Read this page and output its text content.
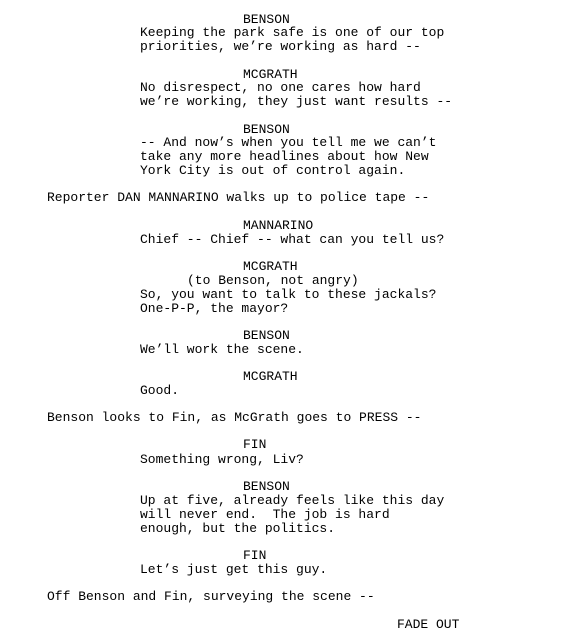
BENSON
Keeping the park safe is one of our top
priorities, we’re working as hard --
MCGRATH
No disrespect, no one cares how hard
we’re working, they just want results --
BENSON
-- And now’s when you tell me we can’t
take any more headlines about how New
York City is out of control again.
Reporter DAN MANNARINO walks up to police tape --
MANNARINO
Chief -- Chief -- what can you tell us?
MCGRATH
(to Benson, not angry)
So, you want to talk to these jackals?
One-P-P, the mayor?
BENSON
We’ll work the scene.
MCGRATH
Good.
Benson looks to Fin, as McGrath goes to PRESS --
FIN
Something wrong, Liv?
BENSON
Up at five, already feels like this day
will never end.  The job is hard
enough, but the politics.
FIN
Let’s just get this guy.
Off Benson and Fin, surveying the scene --
FADE OUT
